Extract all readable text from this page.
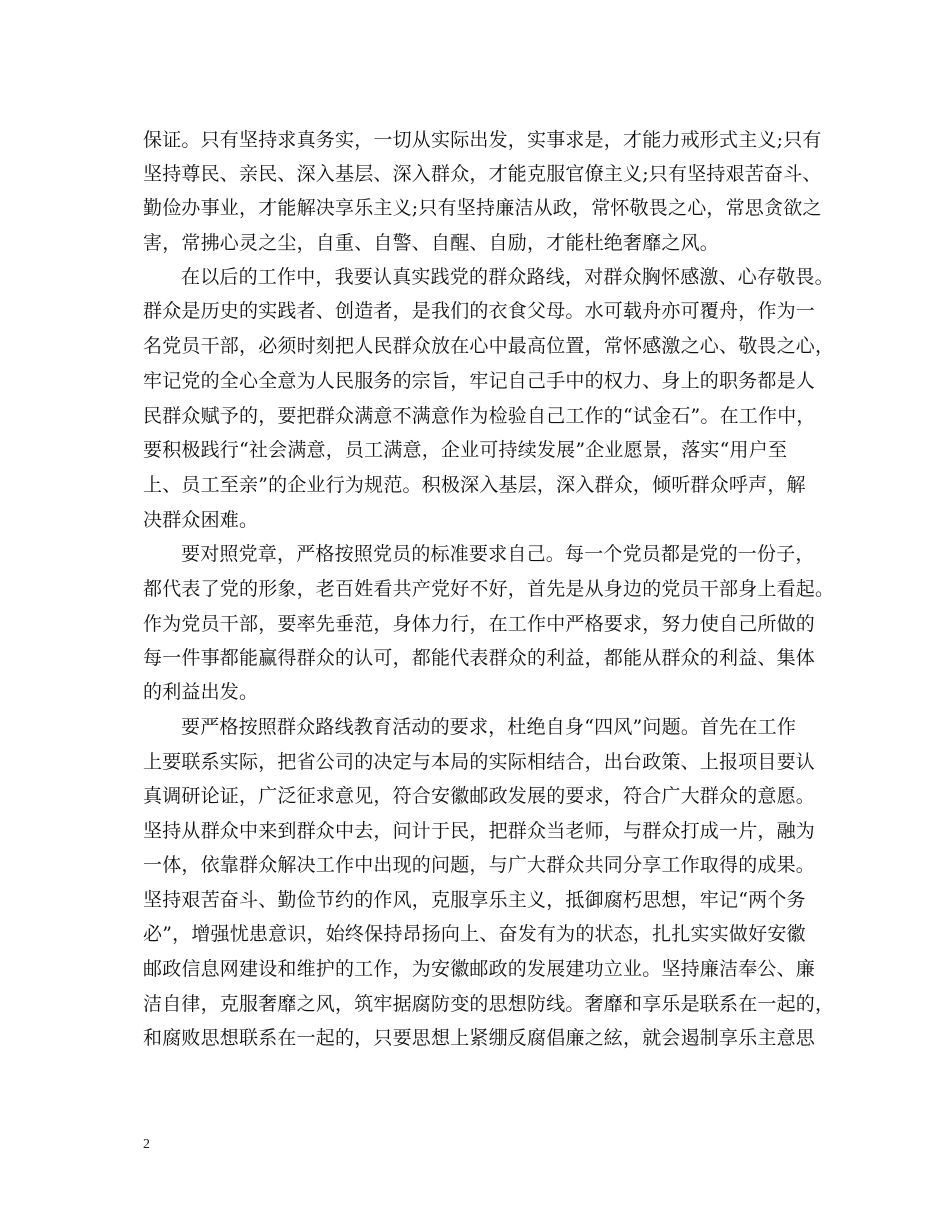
保证。只有坚持求真务实，一切从实际出发，实事求是，才能力戒形式主义;只有
坚持尊民、亲民、深入基层、深入群众，才能克服官僚主义;只有坚持艰苦奋斗、
勤俭办事业，才能解决享乐主义;只有坚持廉洁从政，常怀敬畏之心，常思贪欲之
害，常拂心灵之尘，自重、自警、自醒、自励，才能杜绝奢靡之风。
在以后的工作中，我要认真实践党的群众路线，对群众胸怀感激、心存敬畏。
群众是历史的实践者、创造者，是我们的衣食父母。水可载舟亦可覆舟，作为一
名党员干部，必须时刻把人民群众放在心中最高位置，常怀感激之心、敬畏之心，
牢记党的全心全意为人民服务的宗旨，牢记自己手中的权力、身上的职务都是人
民群众赋予的，要把群众满意不满意作为检验自己工作的“试金石”。在工作中，
要积极践行“社会满意，员工满意，企业可持续发展”企业愿景，落实“用户至
上、员工至亲”的企业行为规范。积极深入基层，深入群众，倾听群众呼声，解
决群众困难。
要对照党章，严格按照党员的标准要求自己。每一个党员都是党的一份子，
都代表了党的形象，老百姓看共产党好不好，首先是从身边的党员干部身上看起。
作为党员干部，要率先垂范，身体力行，在工作中严格要求，努力使自己所做的
每一件事都能赢得群众的认可，都能代表群众的利益，都能从群众的利益、集体
的利益出发。
要严格按照群众路线教育活动的要求，杜绝自身“四风”问题。首先在工作
上要联系实际，把省公司的决定与本局的实际相结合，出台政策、上报项目要认
真调研论证，广泛征求意见，符合安徽邮政发展的要求，符合广大群众的意愿。
坚持从群众中来到群众中去，问计于民，把群众当老师，与群众打成一片，融为
一体，依靠群众解决工作中出现的问题，与广大群众共同分享工作取得的成果。
坚持艰苦奋斗、勤俭节约的作风，克服享乐主义，抵御腐朽思想，牢记“两个务
必”，增强忧患意识，始终保持昂扬向上、奋发有为的状态，扎扎实实做好安徽
邮政信息网建设和维护的工作，为安徽邮政的发展建功立业。坚持廉洁奉公、廉
洁自律，克服奢靡之风，筑牢据腐防变的思想防线。奢靡和享乐是联系在一起的，
和腐败思想联系在一起的，只要思想上紧绷反腐倡廉之絃，就会遏制享乐主意思
2
